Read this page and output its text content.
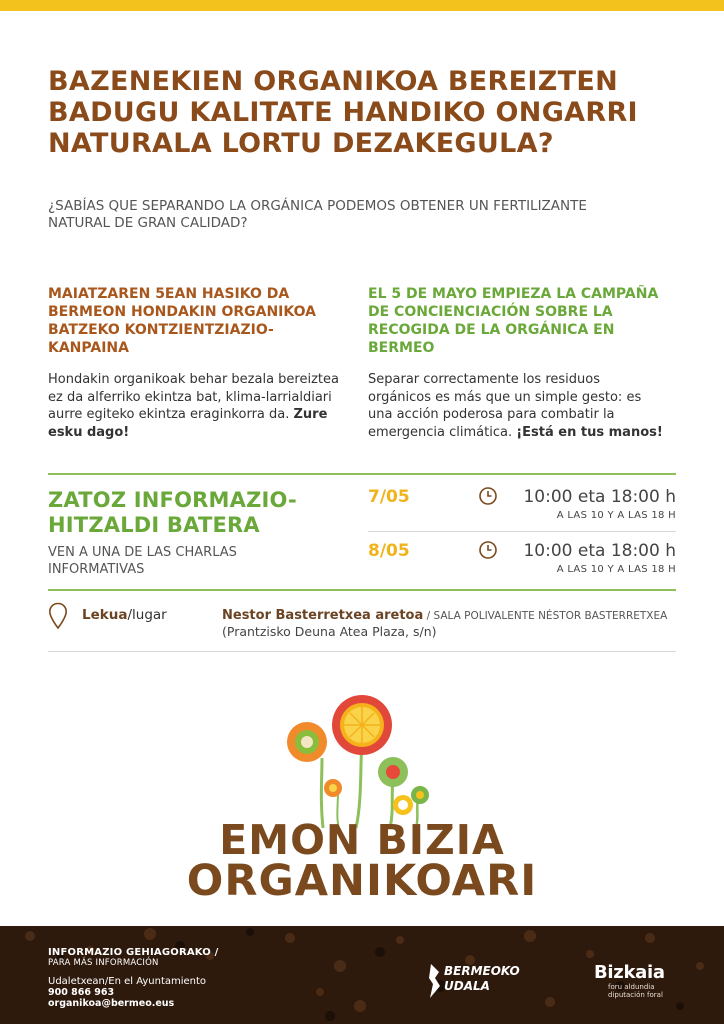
BAZENEKIEN ORGANIKOA BEREIZTEN BADUGU KALITATE HANDIKO ONGARRI NATURALA LORTU DEZAKEGULA?

¿SABÍAS QUE SEPARANDO LA ORGÁNICA PODEMOS OBTENER UN FERTILIZANTE NATURAL DE GRAN CALIDAD?

MAIATZAREN 5EAN HASIKO DA BERMEON HONDAKIN ORGANIKOA BATZEKO KONTZIENTZIAZIO-KANPAINA

Hondakin organikoak behar bezala bereiztea ez da alferriko ekintza bat, klima-larrialdiari aurre egiteko ekintza eraginkorra da. Zure esku dago!

EL 5 DE MAYO EMPIEZA LA CAMPAÑA DE CONCIENCIACIÓN SOBRE LA RECOGIDA DE LA ORGÁNICA EN BERMEO

Separar correctamente los residuos orgánicos es más que un simple gesto: es una acción poderosa para combatir la emergencia climática. ¡Está en tus manos!

ZATOZ INFORMAZIO-HITZALDI BATERA

VEN A UNA DE LAS CHARLAS INFORMATIVAS

7/05	10:00 eta 18:00 h
A LAS 10 Y A LAS 18 H
8/05	10:00 eta 18:00 h
A LAS 10 Y A LAS 18 H
Lekua/lugar	Nestor Basterretxea aretoa / SALA POLIVALENTE NÉSTOR BASTERRETXEA
(Prantzisko Deuna Atea Plaza, s/n)

EMON BIZIA

ORGANIKOARI

INFORMAZIO GEHIAGORAKO /
PARA MÁS INFORMACIÓN
Udaletxean/En el Ayuntamiento
900 866 963
organikoa@bermeo.eus
BERMEOKO
UDALA
Bizkaia
foru aldundia
diputación foral
